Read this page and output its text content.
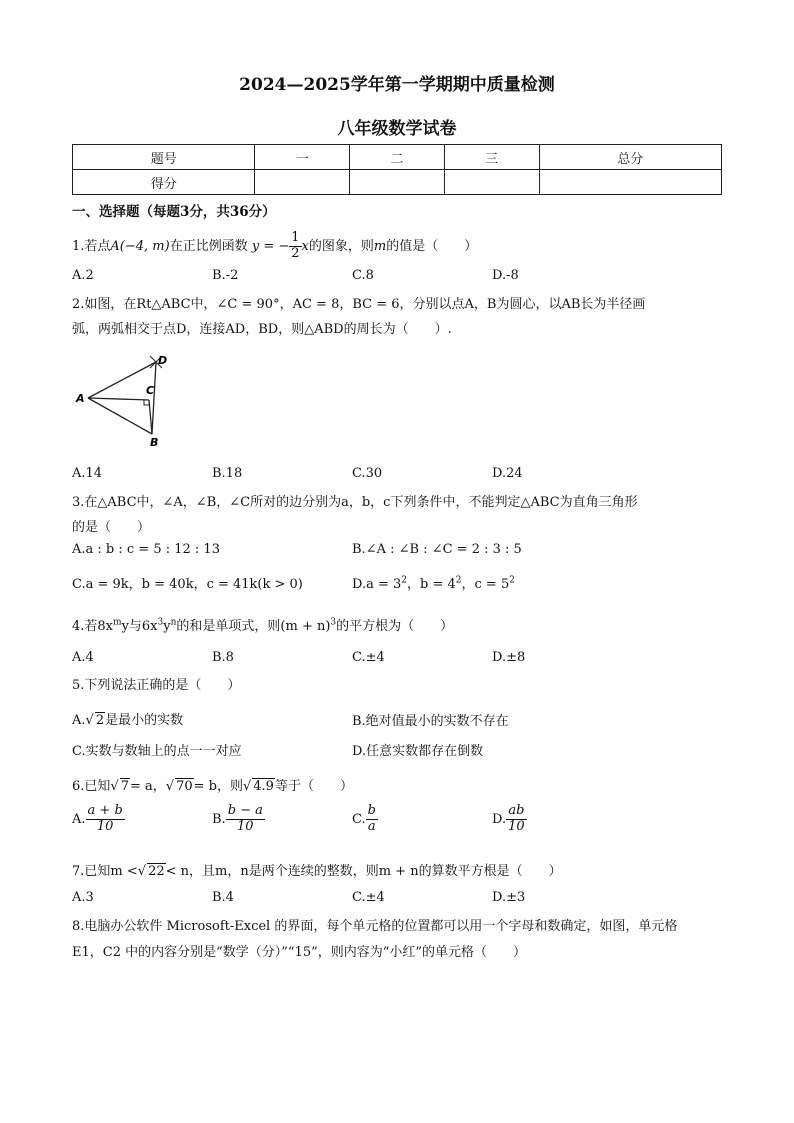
2024—2025学年第一学期期中质量检测
八年级数学试卷
题号	一	二	三	总分
得分				
一、选择题（每题3分，共36分）
1.若点A(−4, m)在正比例函数 y = − $\frac{1}{2}$ x的图象，则m的值是（　　）
A.2	B.-2	C.8	D.-8
2.如图，在Rt△ABC中，∠C = 90°，AC = 8，BC = 6，分别以点A，B为圆心，以AB长为半径画
弧，两弧相交于点D，连接AD，BD，则△ABD的周长为（　　）.
A
B
C
D
A.14	B.18	C.30	D.24
3.在△ABC中，∠A，∠B，∠C所对的边分别为a，b，c下列条件中，不能判定△ABC为直角三角形
的是（　　）
A.a : b : c = 5 : 12 : 13	B.∠A : ∠B : ∠C = 2 : 3 : 5
C.a = 9k，b = 40k，c = 41k(k > 0)	$D.a = 3^2$，$b = 4^2$，$c = 5^2$
4.若$8x^my$与$6x^3y^n$的和是单项式，则$(m + n)^3$的平方根为（　　）
A.4	B.8	C.±4	D.±8
5.下列说法正确的是（　　）
A.√ 2是最小的实数	B.绝对值最小的实数不存在
C.实数与数轴上的点一一对应	D.任意实数都存在倒数
6.已知√ 7= a，√ 70= b，则√ 4.9等于（　　）
A. $\frac{a + b}{10}$	B. $\frac{b - a}{10}$	C. $\frac{b}{a}$	D. $\frac{ab}{10}$
7.已知m <√ 22< n，且m，n是两个连续的整数，则m + n的算数平方根是（　　）
A.3	B.4	C.±4	D.±3
8.电脑办公软件 Microsoft-Excel 的界面，每个单元格的位置都可以用一个字母和数确定，如图，单元格
E1，C2 中的内容分别是“数学（分）”“15”，则内容为“小红”的单元格（　　）
